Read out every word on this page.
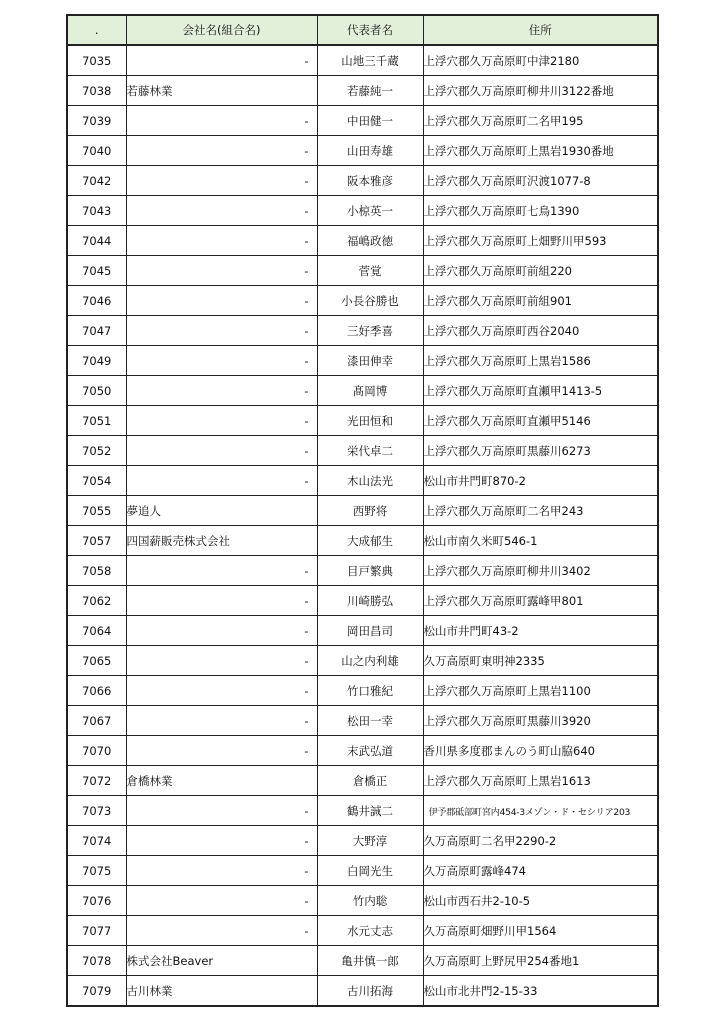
.	会社名(組合名)	代表者名	住所
7035	-	山地三千蔵	上浮穴郡久万高原町中津2180
7038	若藤林業	若藤純一	上浮穴郡久万高原町柳井川3122番地
7039	-	中田健一	上浮穴郡久万高原町二名甲195
7040	-	山田寿雄	上浮穴郡久万高原町上黒岩1930番地
7042	-	阪本雅彦	上浮穴郡久万高原町沢渡1077-8
7043	-	小椋英一	上浮穴郡久万高原町七鳥1390
7044	-	福嶋政徳	上浮穴郡久万高原町上畑野川甲593
7045	-	菅覚	上浮穴郡久万高原町前組220
7046	-	小長谷勝也	上浮穴郡久万高原町前組901
7047	-	三好季喜	上浮穴郡久万高原町西谷2040
7049	-	漆田伸幸	上浮穴郡久万高原町上黒岩1586
7050	-	髙岡博	上浮穴郡久万高原町直瀬甲1413-5
7051	-	光田恒和	上浮穴郡久万高原町直瀬甲5146
7052	-	栄代卓二	上浮穴郡久万高原町黒藤川6273
7054	-	木山法光	松山市井門町870-2
7055	夢追人	西野将	上浮穴郡久万高原町二名甲243
7057	四国薪販売株式会社	大成郁生	松山市南久米町546-1
7058	-	目戸繁典	上浮穴郡久万高原町柳井川3402
7062	-	川崎勝弘	上浮穴郡久万高原町露峰甲801
7064	-	岡田昌司	松山市井門町43-2
7065	-	山之内利雄	久万高原町東明神2335
7066	-	竹口雅紀	上浮穴郡久万高原町上黒岩1100
7067	-	松田一幸	上浮穴郡久万高原町黒藤川3920
7070	-	末武弘道	香川県多度郡まんのう町山脇640
7072	倉橋林業	倉橋正	上浮穴郡久万高原町上黒岩1613
7073	-	鶴井誠二	伊予郡砥部町宮内454-3メゾン・ド・セシリア203
7074	-	大野淳	久万高原町二名甲2290-2
7075	-	白岡光生	久万高原町露峰474
7076	-	竹内聡	松山市西石井2-10-5
7077	-	水元丈志	久万高原町畑野川甲1564
7078	株式会社Beaver	亀井慎一郎	久万高原町上野尻甲254番地1
7079	古川林業	古川拓海	松山市北井門2-15-33
